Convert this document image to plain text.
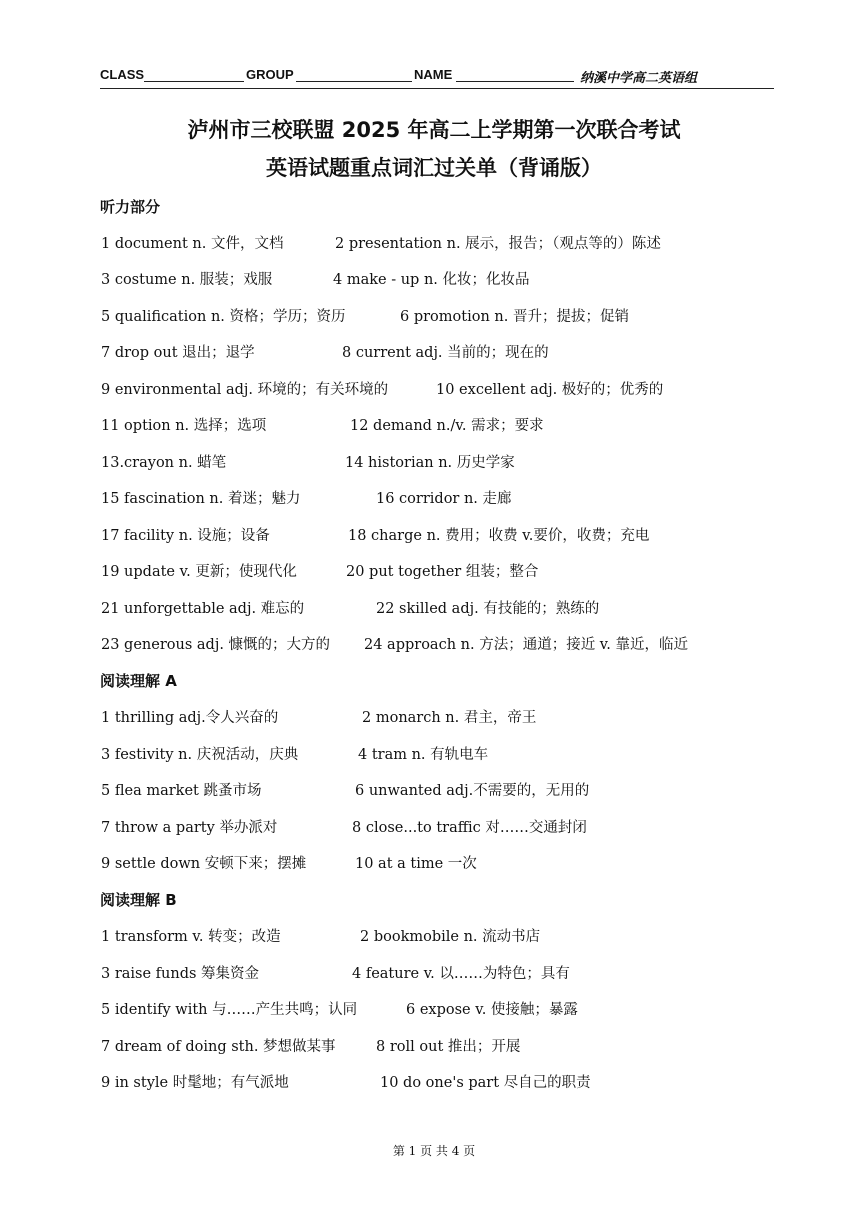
CLASS	GROUP	NAME	纳溪中学高二英语组
泸州市三校联盟 2025 年高二上学期第一次联合考试
英语试题重点词汇过关单（背诵版）
听力部分
1 document n. 文件，文档	2 presentation n. 展示，报告；（观点等的）陈述
3 costume n. 服装；戏服	4 make - up n. 化妆；化妆品
5 qualification n. 资格；学历；资历	6 promotion n. 晋升；提拔；促销
7 drop out 退出；退学	8 current adj. 当前的；现在的
9 environmental adj. 环境的；有关环境的	10 excellent adj. 极好的；优秀的
11 option n. 选择；选项	12 demand n./v. 需求；要求
13.crayon n. 蜡笔	14 historian n. 历史学家
15 fascination n. 着迷；魅力	16 corridor n. 走廊
17 facility n. 设施；设备	18 charge n. 费用；收费 v.要价，收费；充电
19 update v. 更新；使现代化	20 put together 组装；整合
21 unforgettable adj. 难忘的	22 skilled adj. 有技能的；熟练的
23 generous adj. 慷慨的；大方的 24 approach n. 方法；通道；接近 v. 靠近，临近
阅读理解 A
1 thrilling adj.令人兴奋的	2 monarch n. 君主，帝王
3 festivity n. 庆祝活动，庆典	4 tram n. 有轨电车
5 flea market 跳蚤市场	6 unwanted adj.不需要的，无用的
7 throw a party 举办派对	8 close...to traffic 对……交通封闭
9 settle down 安顿下来；摆摊	10 at a time 一次
阅读理解 B
1 transform v. 转变；改造	2 bookmobile n. 流动书店
3 raise funds 筹集资金	4 feature v. 以……为特色；具有
5 identify with 与……产生共鸣；认同	6 expose v. 使接触；暴露
7 dream of doing sth. 梦想做某事	8 roll out 推出；开展
9 in style 时髦地；有气派地	10 do one's part 尽自己的职责
第 1 页 共 4 页
